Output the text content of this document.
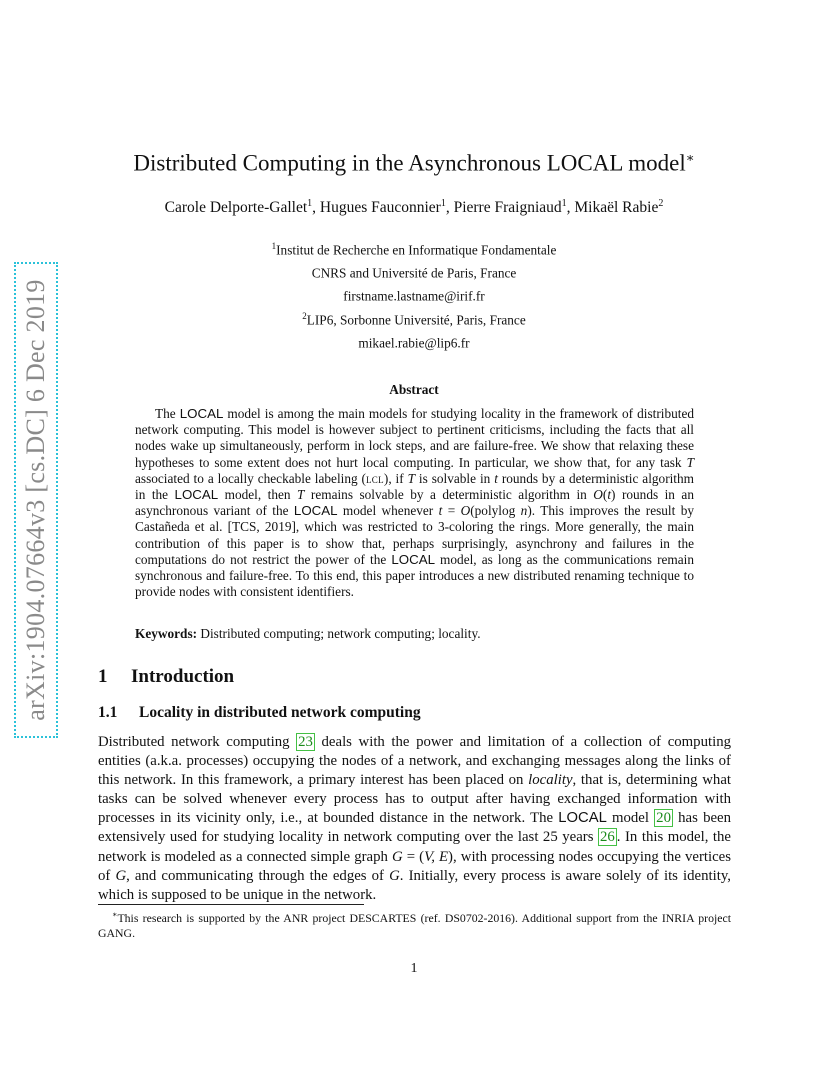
arXiv:1904.07664v3 [cs.DC] 6 Dec 2019
Distributed Computing in the Asynchronous LOCAL model∗
Carole Delporte-Gallet$^1$, Hugues Fauconnier$^1$, Pierre Fraigniaud$^1$, Mikaël Rabie$^2$
$^1$Institut de Recherche en Informatique Fondamentale
CNRS and Université de Paris, France
firstname.lastname@irif.fr
$^2$LIP6, Sorbonne Université, Paris, France
mikael.rabie@lip6.fr
Abstract

The LOCAL model is among the main models for studying locality in the framework of distributed network computing. This model is however subject to pertinent criticisms, including the facts that all nodes wake up simultaneously, perform in lock steps, and are failure-free. We show that relaxing these hypotheses to some extent does not hurt local computing. In particular, we show that, for any task T associated to a locally checkable labeling (lcl), if T is solvable in t rounds by a deterministic algorithm in the LOCAL model, then T remains solvable by a deterministic algorithm in O(t) rounds in an asynchronous variant of the LOCAL model whenever t = O(polylog n). This improves the result by Castañeda et al. [TCS, 2019], which was restricted to 3-coloring the rings. More generally, the main contribution of this paper is to show that, perhaps surprisingly, asynchrony and failures in the computations do not restrict the power of the LOCAL model, as long as the communications remain synchronous and failure-free. To this end, this paper introduces a new distributed renaming technique to provide nodes with consistent identifiers.

Keywords: Distributed computing; network computing; locality.
1 Introduction
1.1 Locality in distributed network computing

Distributed network computing 23 deals with the power and limitation of a collection of computing entities (a.k.a. processes) occupying the nodes of a network, and exchanging messages along the links of this network. In this framework, a primary interest has been placed on locality, that is, determining what tasks can be solved whenever every process has to output after having exchanged information with processes in its vicinity only, i.e., at bounded distance in the network. The LOCAL model 20 has been extensively used for studying locality in network computing over the last 25 years 26 . In this model, the network is modeled as a connected simple graph G = (V, E), with processing nodes occupying the vertices of G, and communicating through the edges of G. Initially, every process is aware solely of its identity, which is supposed to be unique in the network.

∗This research is supported by the ANR project DESCARTES (ref. DS0702-2016). Additional support from the INRIA project GANG.

1
